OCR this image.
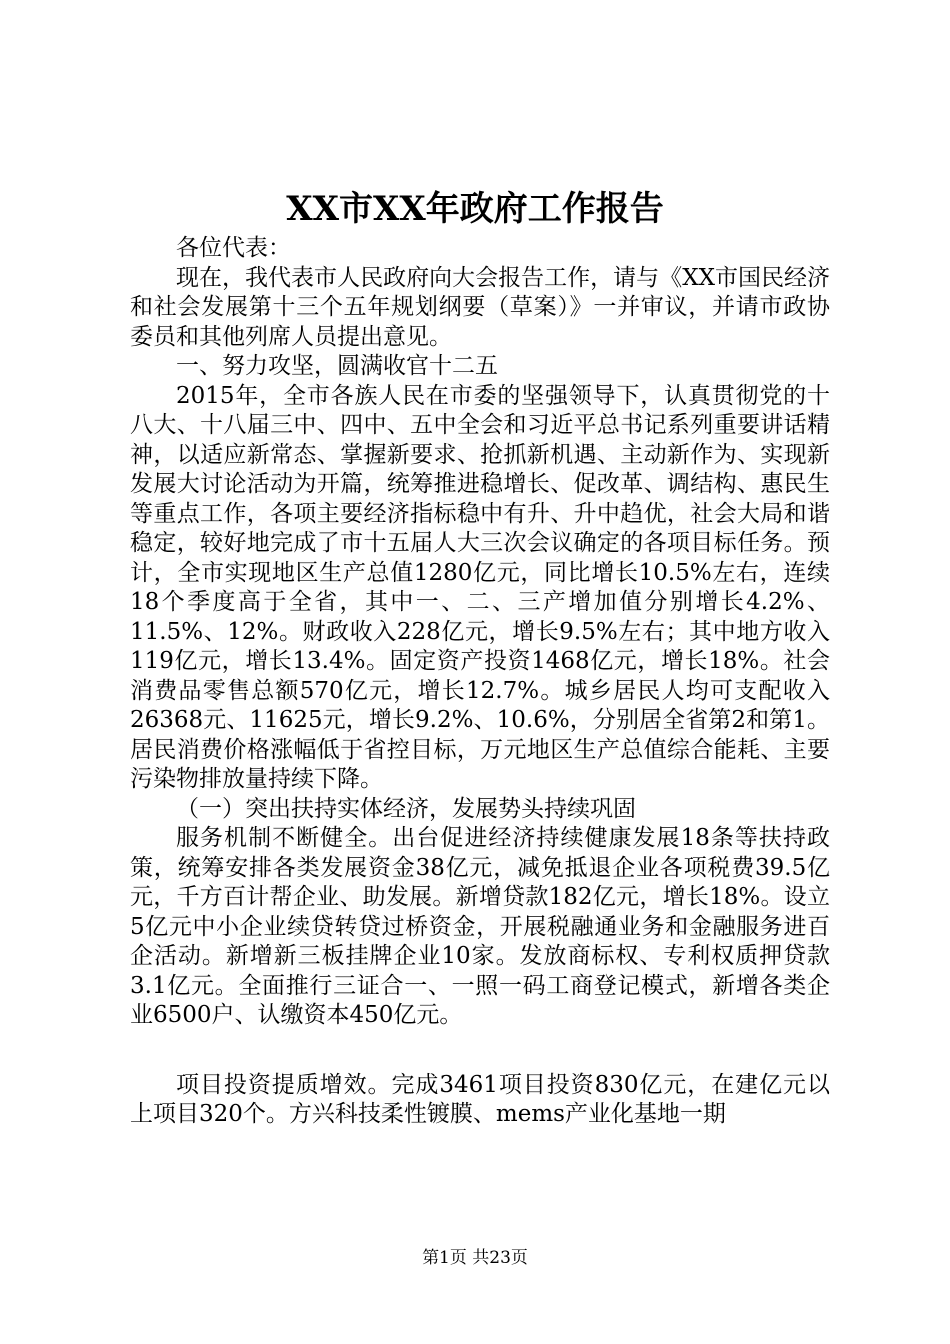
XX市XX年政府工作报告

各位代表：

现在，我代表市人民政府向大会报告工作，请与《XX市国民经济和社会发展第十三个五年规划纲要（草案）》一并审议，并请市政协委员和其他列席人员提出意见。

一、努力攻坚，圆满收官十二五

2015年，全市各族人民在市委的坚强领导下，认真贯彻党的十八大、十八届三中、四中、五中全会和习近平总书记系列重要讲话精神，以适应新常态、掌握新要求、抢抓新机遇、主动新作为、实现新发展大讨论活动为开篇，统筹推进稳增长、促改革、调结构、惠民生等重点工作，各项主要经济指标稳中有升、升中趋优，社会大局和谐稳定，较好地完成了市十五届人大三次会议确定的各项目标任务。预计，全市实现地区生产总值1280亿元，同比增长10.5%左右，连续18个季度高于全省，其中一、二、三产增加值分别增长4.2%、11.5%、12%。财政收入228亿元，增长9.5%左右；其中地方收入119亿元，增长13.4%。固定资产投资1468亿元，增长18%。社会消费品零售总额570亿元，增长12.7%。城乡居民人均可支配收入26368元、11625元，增长9.2%、10.6%，分别居全省第2和第1。居民消费价格涨幅低于省控目标，万元地区生产总值综合能耗、主要污染物排放量持续下降。

（一）突出扶持实体经济，发展势头持续巩固

服务机制不断健全。出台促进经济持续健康发展18条等扶持政策，统筹安排各类发展资金38亿元，减免抵退企业各项税费39.5亿元，千方百计帮企业、助发展。新增贷款182亿元，增长18%。设立5亿元中小企业续贷转贷过桥资金，开展税融通业务和金融服务进百企活动。新增新三板挂牌企业10家。发放商标权、专利权质押贷款3.1亿元。全面推行三证合一、一照一码工商登记模式，新增各类企业6500户、认缴资本450亿元。

项目投资提质增效。完成3461项目投资830亿元，在建亿元以上项目320个。方兴科技柔性镀膜、mems产业化基地一期

第1页 共23页
